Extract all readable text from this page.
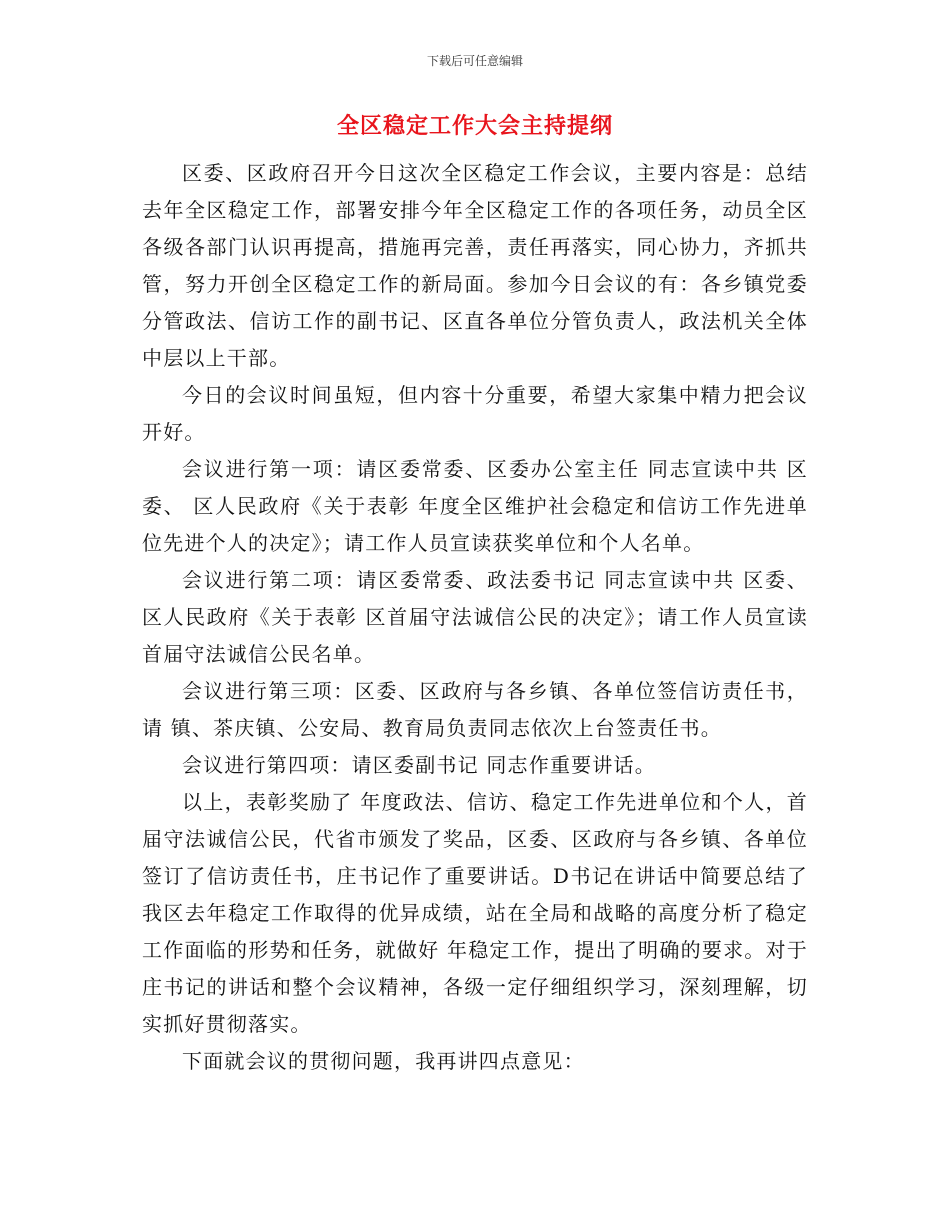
下载后可任意编辑
全区稳定工作大会主持提纲

区委、区政府召开今日这次全区稳定工作会议，主要内容是：总结去年全区稳定工作，部署安排今年全区稳定工作的各项任务，动员全区各级各部门认识再提高，措施再完善，责任再落实，同心协力，齐抓共管，努力开创全区稳定工作的新局面。参加今日会议的有：各乡镇党委分管政法、信访工作的副书记、区直各单位分管负责人，政法机关全体中层以上干部。

今日的会议时间虽短，但内容十分重要，希望大家集中精力把会议开好。

会议进行第一项：请区委常委、区委办公室主任 同志宣读中共 区委、 区人民政府《关于表彰 年度全区维护社会稳定和信访工作先进单位先进个人的决定》；请工作人员宣读获奖单位和个人名单。

会议进行第二项：请区委常委、政法委书记 同志宣读中共 区委、 区人民政府《关于表彰 区首届守法诚信公民的决定》；请工作人员宣读首届守法诚信公民名单。

会议进行第三项：区委、区政府与各乡镇、各单位签信访责任书，请 镇、茶庆镇、公安局、教育局负责同志依次上台签责任书。

会议进行第四项：请区委副书记 同志作重要讲话。

以上，表彰奖励了 年度政法、信访、稳定工作先进单位和个人，首届守法诚信公民，代省市颁发了奖品，区委、区政府与各乡镇、各单位签订了信访责任书，庄书记作了重要讲话。D书记在讲话中简要总结了我区去年稳定工作取得的优异成绩，站在全局和战略的高度分析了稳定工作面临的形势和任务，就做好 年稳定工作，提出了明确的要求。对于庄书记的讲话和整个会议精神，各级一定仔细组织学习，深刻理解，切实抓好贯彻落实。

下面就会议的贯彻问题，我再讲四点意见：
